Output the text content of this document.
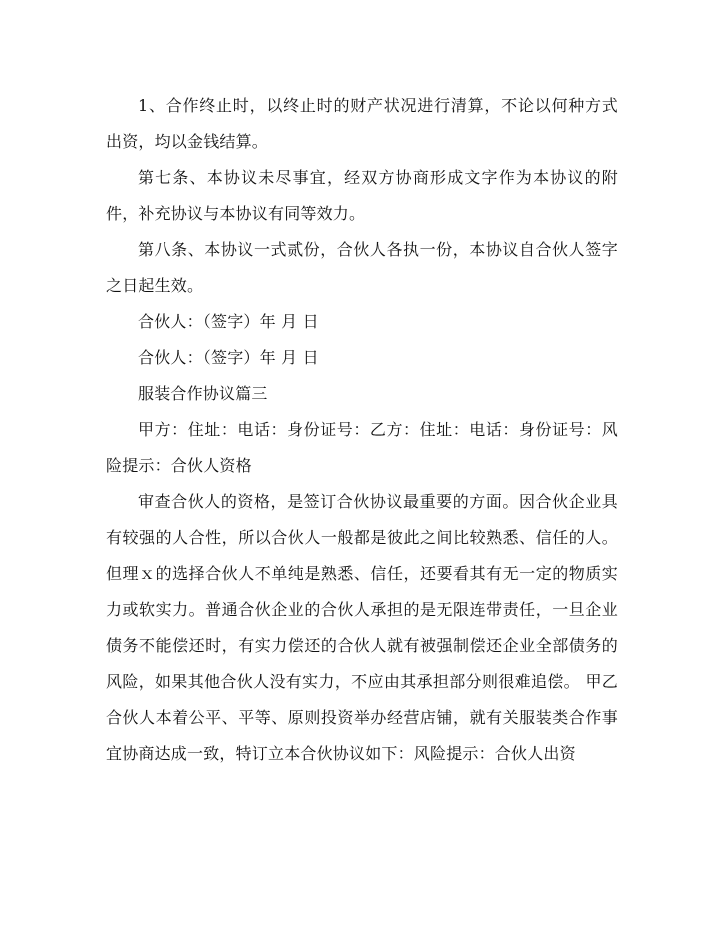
1、合作终止时，以终止时的财产状况进行清算，不论以何种方式出资，均以金钱结算。

第七条、本协议未尽事宜，经双方协商形成文字作为本协议的附件，补充协议与本协议有同等效力。

第八条、本协议一式贰份，合伙人各执一份，本协议自合伙人签字之日起生效。

合伙人：（签字）年 月 日

合伙人：（签字）年 月 日

服装合作协议篇三

甲方：住址：电话：身份证号：乙方：住址：电话：身份证号：风险提示：合伙人资格

审查合伙人的资格，是签订合伙协议最重要的方面。因合伙企业具有较强的人合性，所以合伙人一般都是彼此之间比较熟悉、信任的人。但理ｘ的选择合伙人不单纯是熟悉、信任，还要看其有无一定的物质实力或软实力。普通合伙企业的合伙人承担的是无限连带责任，一旦企业债务不能偿还时，有实力偿还的合伙人就有被强制偿还企业全部债务的风险，如果其他合伙人没有实力，不应由其承担部分则很难追偿。 甲乙合伙人本着公平、平等、原则投资举办经营店铺，就有关服装类合作事宜协商达成一致，特订立本合伙协议如下：风险提示：合伙人出资
